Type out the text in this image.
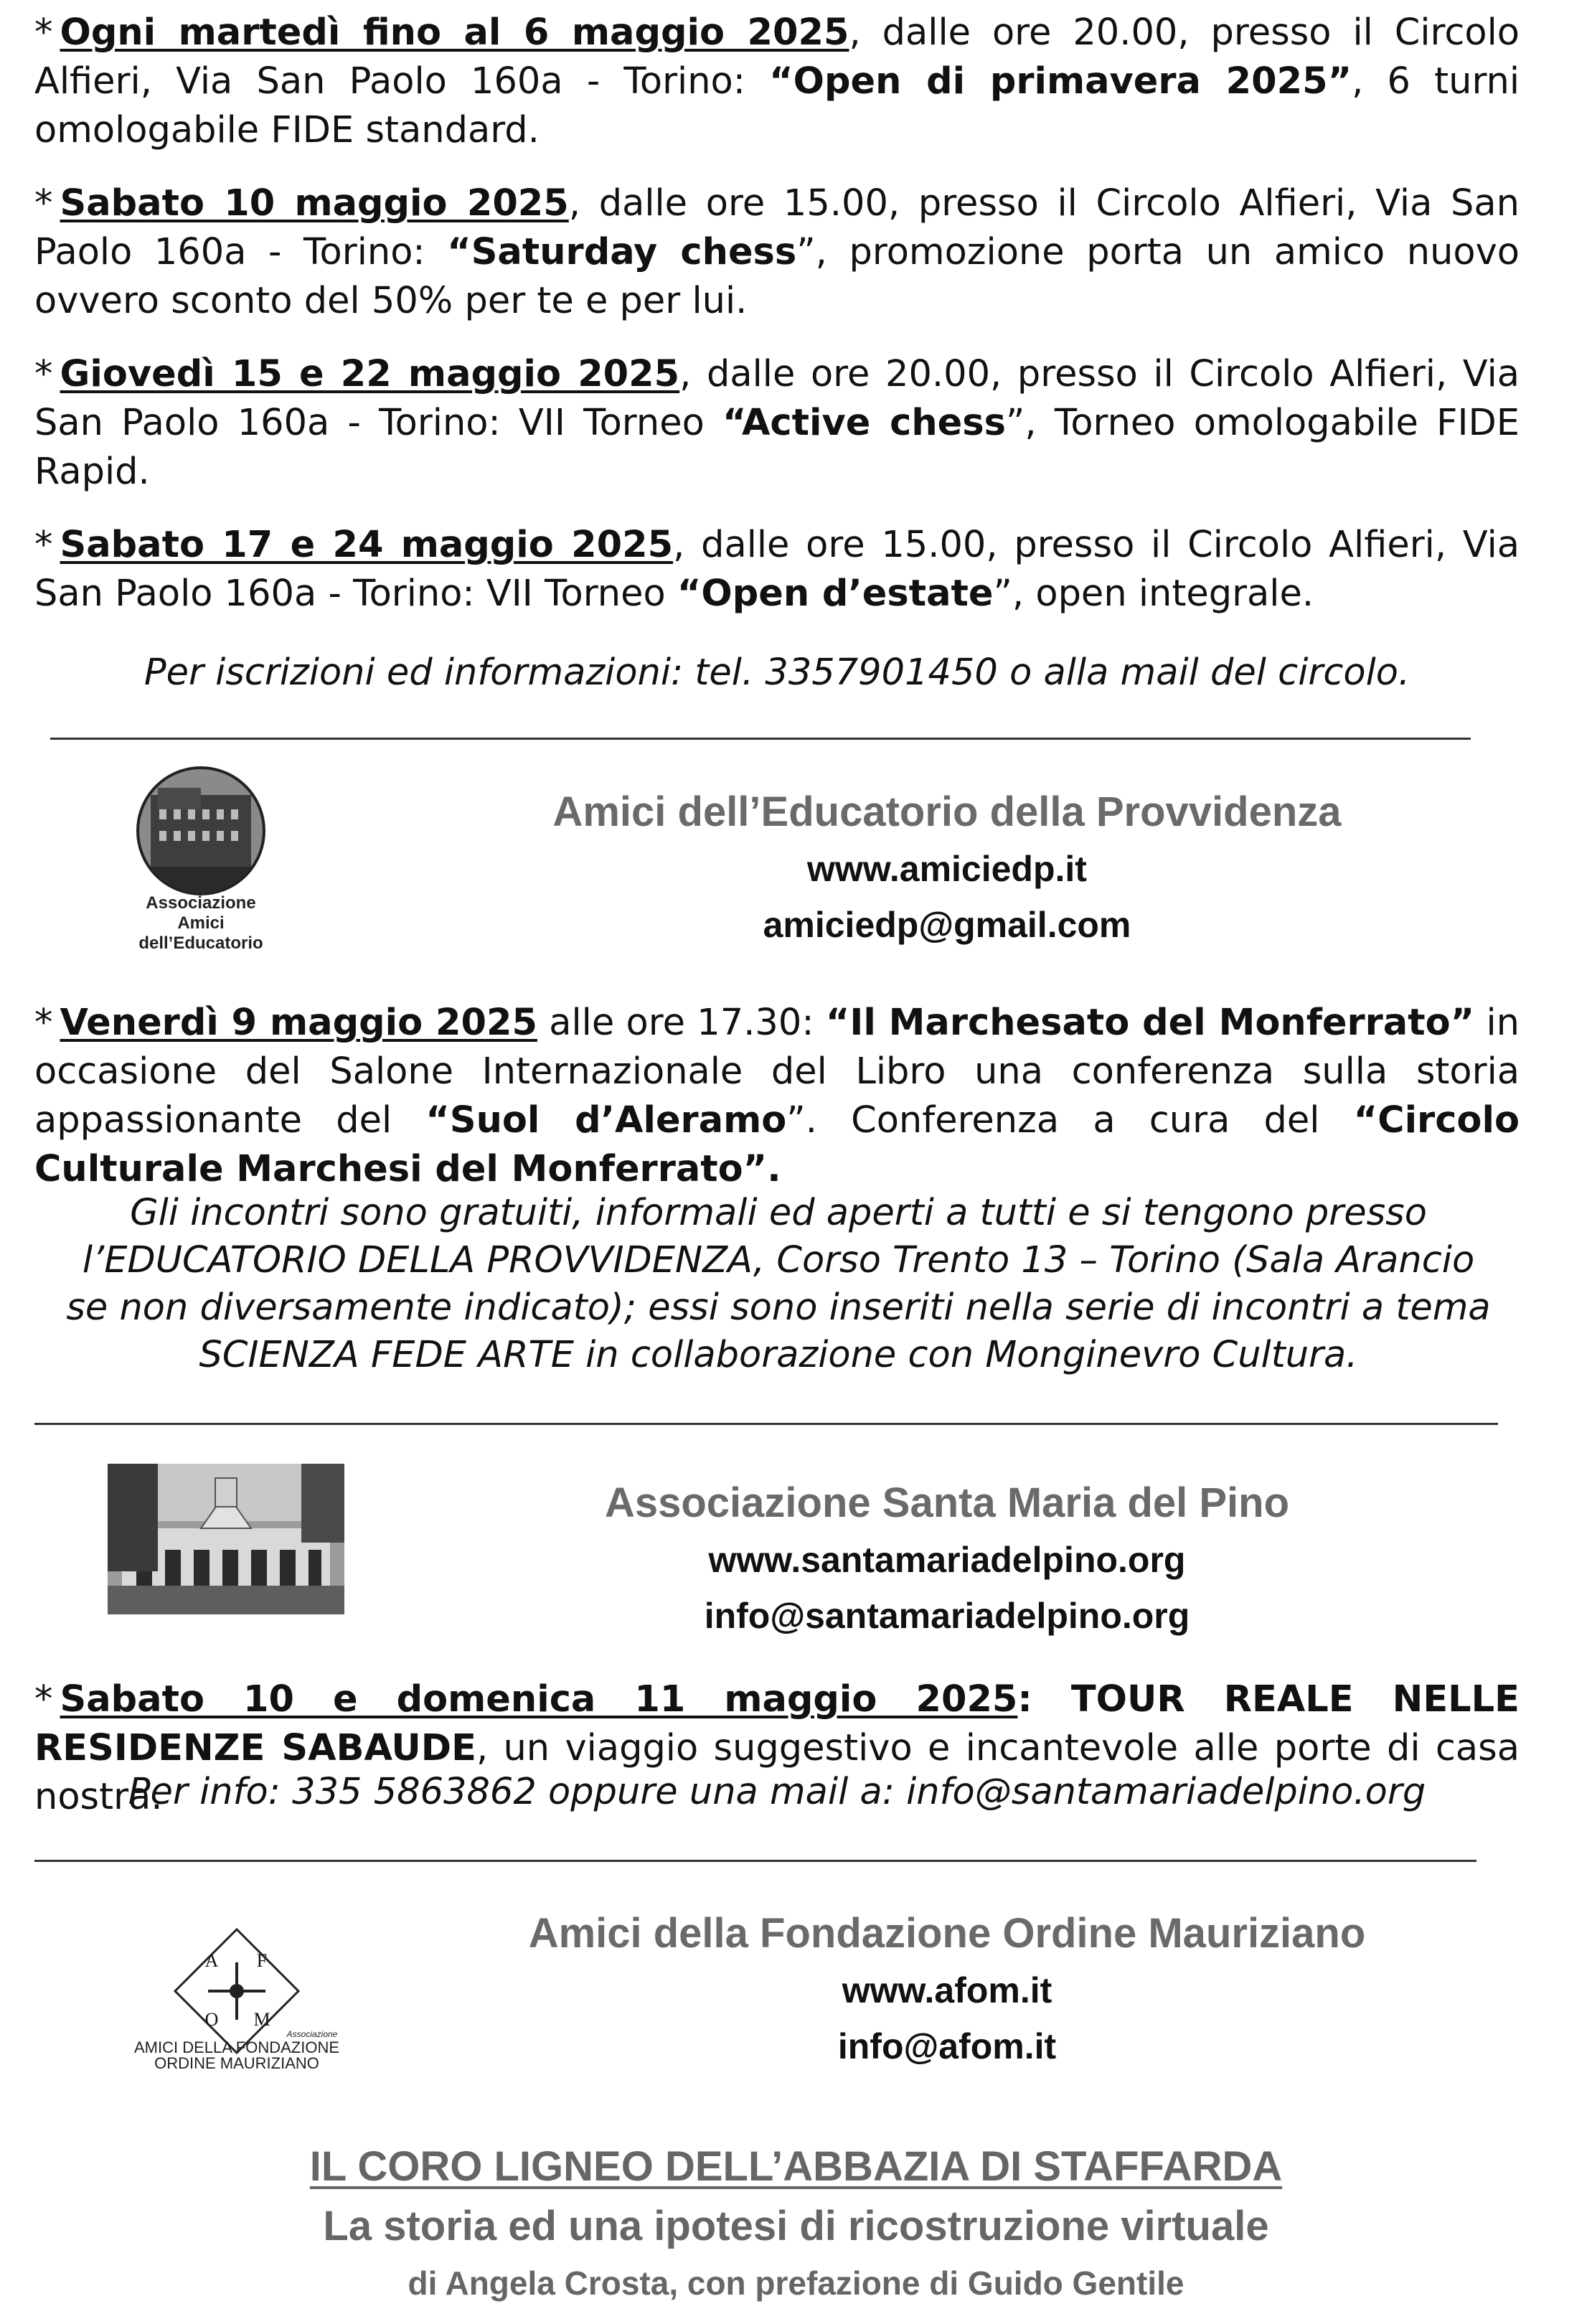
* Ogni martedì fino al 6 maggio 2025, dalle ore 20.00, presso il Circolo Alfieri, Via San Paolo 160a - Torino: “Open di primavera 2025”, 6 turni omologabile FIDE standard.

* Sabato 10 maggio 2025, dalle ore 15.00, presso il Circolo Alfieri, Via San Paolo 160a - Torino: “Saturday chess”, promozione porta un amico nuovo ovvero sconto del 50% per te e per lui.

* Giovedì 15 e 22 maggio 2025, dalle ore 20.00, presso il Circolo Alfieri, Via San Paolo 160a - Torino: VII Torneo “Active chess”, Torneo omologabile FIDE Rapid.

* Sabato 17 e 24 maggio 2025, dalle ore 15.00, presso il Circolo Alfieri, Via San Paolo 160a - Torino: VII Torneo “Open d’estate”, open integrale.

Per iscrizioni ed informazioni: tel. 3357901450 o alla mail del circolo.

Associazione
Amici
dell’Educatorio
Amici dell’Educatorio della Provvidenza
www.amiciedp.it
amiciedp@gmail.com

* Venerdì 9 maggio 2025 alle ore 17.30: “Il Marchesato del Monferrato” in occasione del Salone Internazionale del Libro una conferenza sulla storia appassionante del “Suol d’Aleramo”. Conferenza a cura del “Circolo Culturale Marchesi del Monferrato”.

Gli incontri sono gratuiti, informali ed aperti a tutti e si tengono presso l’EDUCATORIO DELLA PROVVIDENZA, Corso Trento 13 – Torino (Sala Arancio se non diversamente indicato); essi sono inseriti nella serie di incontri a tema SCIENZA FEDE ARTE in collaborazione con Monginevro Cultura.

Associazione Santa Maria del Pino
www.santamariadelpino.org
info@santamariadelpino.org

* Sabato 10 e domenica 11 maggio 2025: TOUR REALE NELLE RESIDENZE SABAUDE, un viaggio suggestivo e incantevole alle porte di casa nostra.

Per info: 335 5863862 oppure una mail a: info@santamariadelpino.org

A F
O M
Associazione
AMICI DELLA FONDAZIONE
ORDINE MAURIZIANO
Amici della Fondazione Ordine Mauriziano
www.afom.it
info@afom.it
IL CORO LIGNEO DELL’ABBAZIA DI STAFFARDA
La storia ed una ipotesi di ricostruzione virtuale
di Angela Crosta, con prefazione di Guido Gentile
